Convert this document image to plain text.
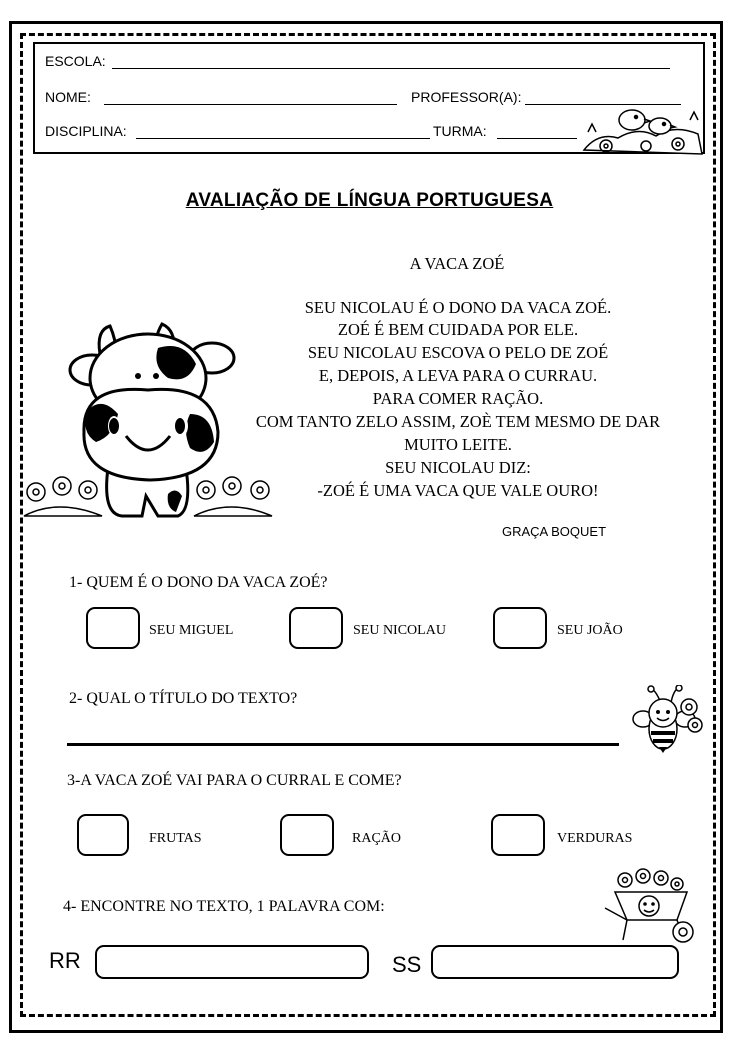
ESCOLA:
NOME:	PROFESSOR(A):
DISCIPLINA:	TURMA:
AVALIAÇÃO DE LÍNGUA PORTUGUESA
A VACA ZOÉ
SEU NICOLAU É O DONO DA VACA ZOÉ.
ZOÉ É BEM CUIDADA POR ELE.
SEU NICOLAU ESCOVA O PELO DE ZOÉ
E, DEPOIS, A LEVA PARA O CURRAU.
PARA COMER RAÇÃO.
COM TANTO ZELO ASSIM, ZOÈ TEM MESMO DE DAR
MUITO LEITE.
SEU NICOLAU DIZ:
-ZOÉ É UMA VACA QUE VALE OURO!
GRAÇA BOQUET
1- QUEM É O DONO DA VACA ZOÉ?
SEU MIGUEL	SEU NICOLAU	SEU JOÃO
2- QUAL O TÍTULO DO TEXTO?
3-A VACA ZOÉ VAI PARA O CURRAL E COME?
FRUTAS	RAÇÃO	VERDURAS
4- ENCONTRE NO TEXTO, 1 PALAVRA COM:
RR	SS
